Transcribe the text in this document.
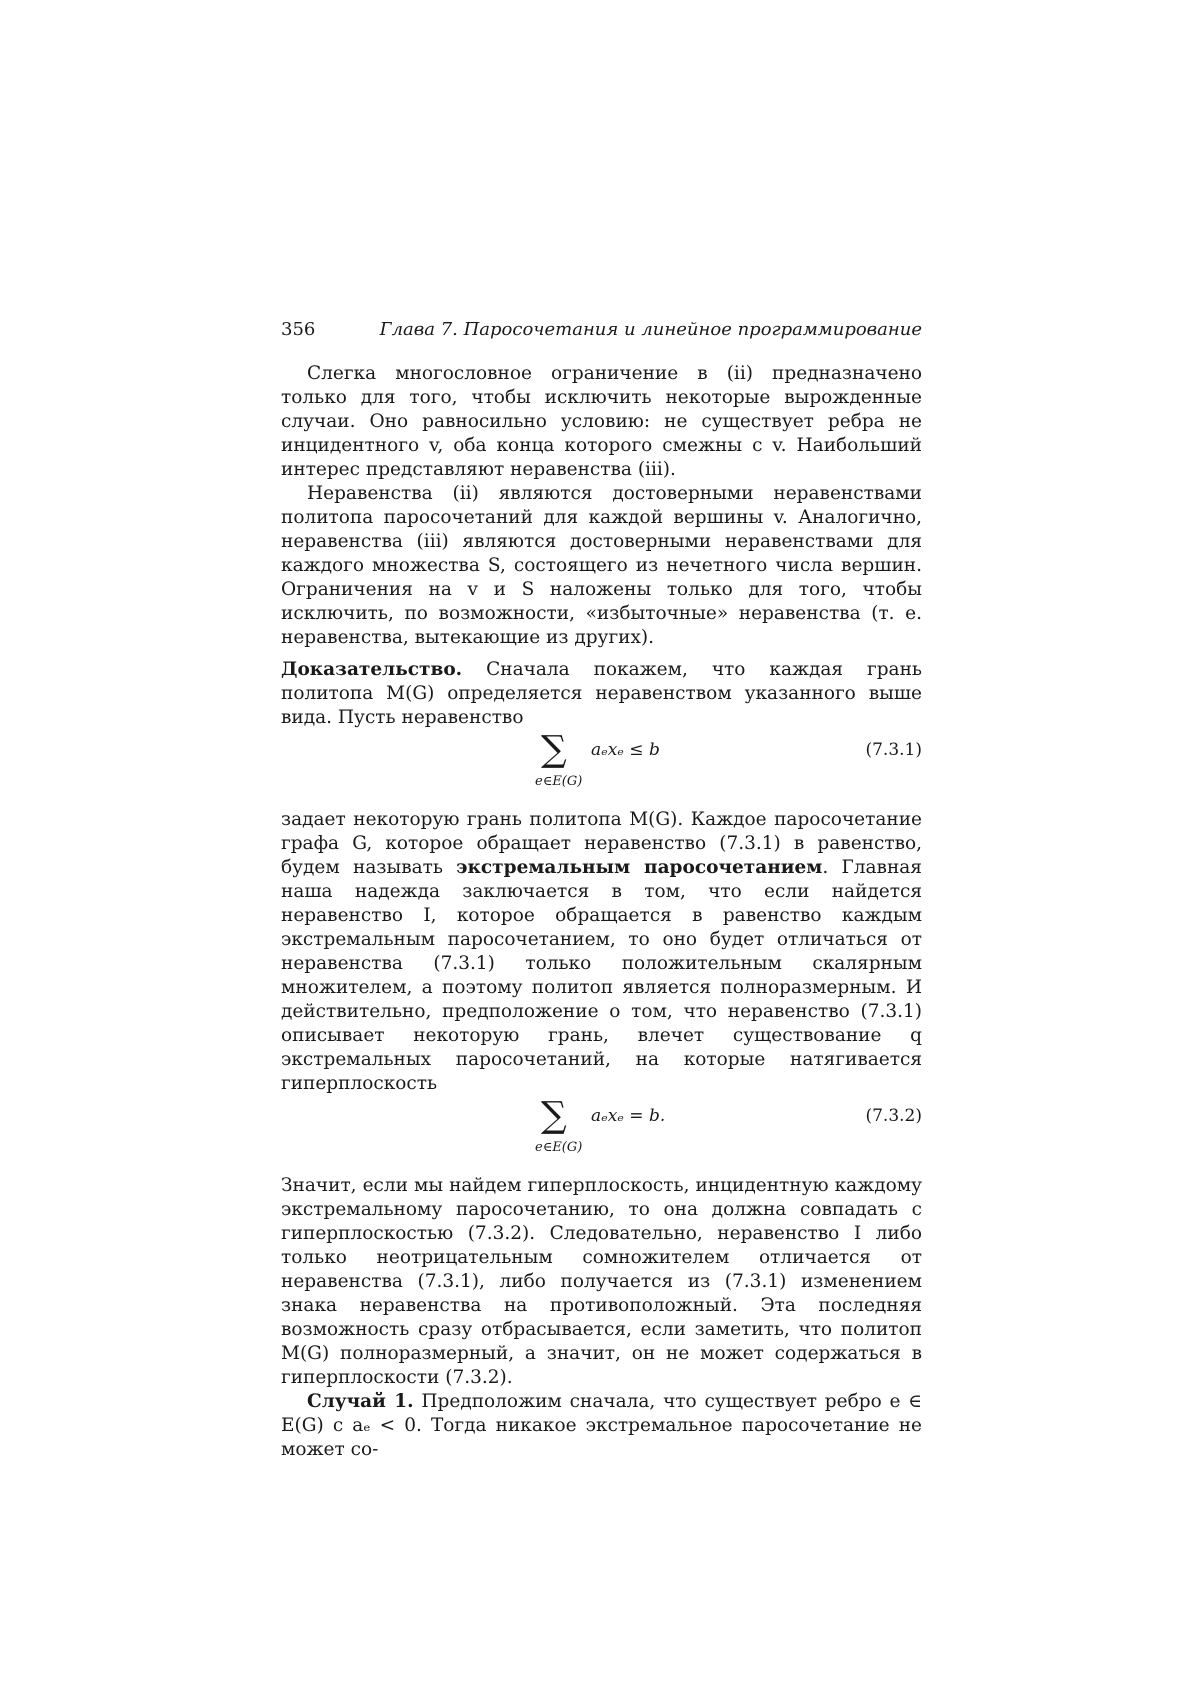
356	Глава 7. Паросочетания и линейное программирование

Слегка многословное ограничение в (ii) предназначено только для того, чтобы исключить некоторые вырожденные случаи. Оно равносильно условию: не существует ребра не инцидентного v, оба конца которого смежны с v. Наибольший интерес представляют неравенства (iii).

Неравенства (ii) являются достоверными неравенствами политопа паросочетаний для каждой вершины v. Аналогично, неравенства (iii) являются достоверными неравенствами для каждого множества S, состоящего из нечетного числа вершин. Ограничения на v и S наложены только для того, чтобы исключить, по возможности, «избыточные» неравенства (т. е. неравенства, вытекающие из других).

Доказательство. Сначала покажем, что каждая грань политопа M(G) определяется неравенством указанного выше вида. Пусть неравенство

∑
e∈E(G)
aₑxₑ ≤ b	(7.3.1)

задает некоторую грань политопа M(G). Каждое паросочетание графа G, которое обращает неравенство (7.3.1) в равенство, будем называть экстремальным паросочетанием. Главная наша надежда заключается в том, что если найдется неравенство I, которое обращается в равенство каждым экстремальным паросочетанием, то оно будет отличаться от неравенства (7.3.1) только положительным скалярным множителем, а поэтому политоп является полноразмерным. И действительно, предположение о том, что неравенство (7.3.1) описывает некоторую грань, влечет существование q экстремальных паросочетаний, на которые натягивается гиперплоскость

∑
e∈E(G)
aₑxₑ = b.	(7.3.2)

Значит, если мы найдем гиперплоскость, инцидентную каждому экстремальному паросочетанию, то она должна совпадать с гиперплоскостью (7.3.2). Следовательно, неравенство I либо только неотрицательным сомножителем отличается от неравенства (7.3.1), либо получается из (7.3.1) изменением знака неравенства на противоположный. Эта последняя возможность сразу отбрасывается, если заметить, что политоп M(G) полноразмерный, а значит, он не может содержаться в гиперплоскости (7.3.2).

Случай 1. Предположим сначала, что существует ребро e ∈ E(G) с aₑ < 0. Тогда никакое экстремальное паросочетание не может со-
